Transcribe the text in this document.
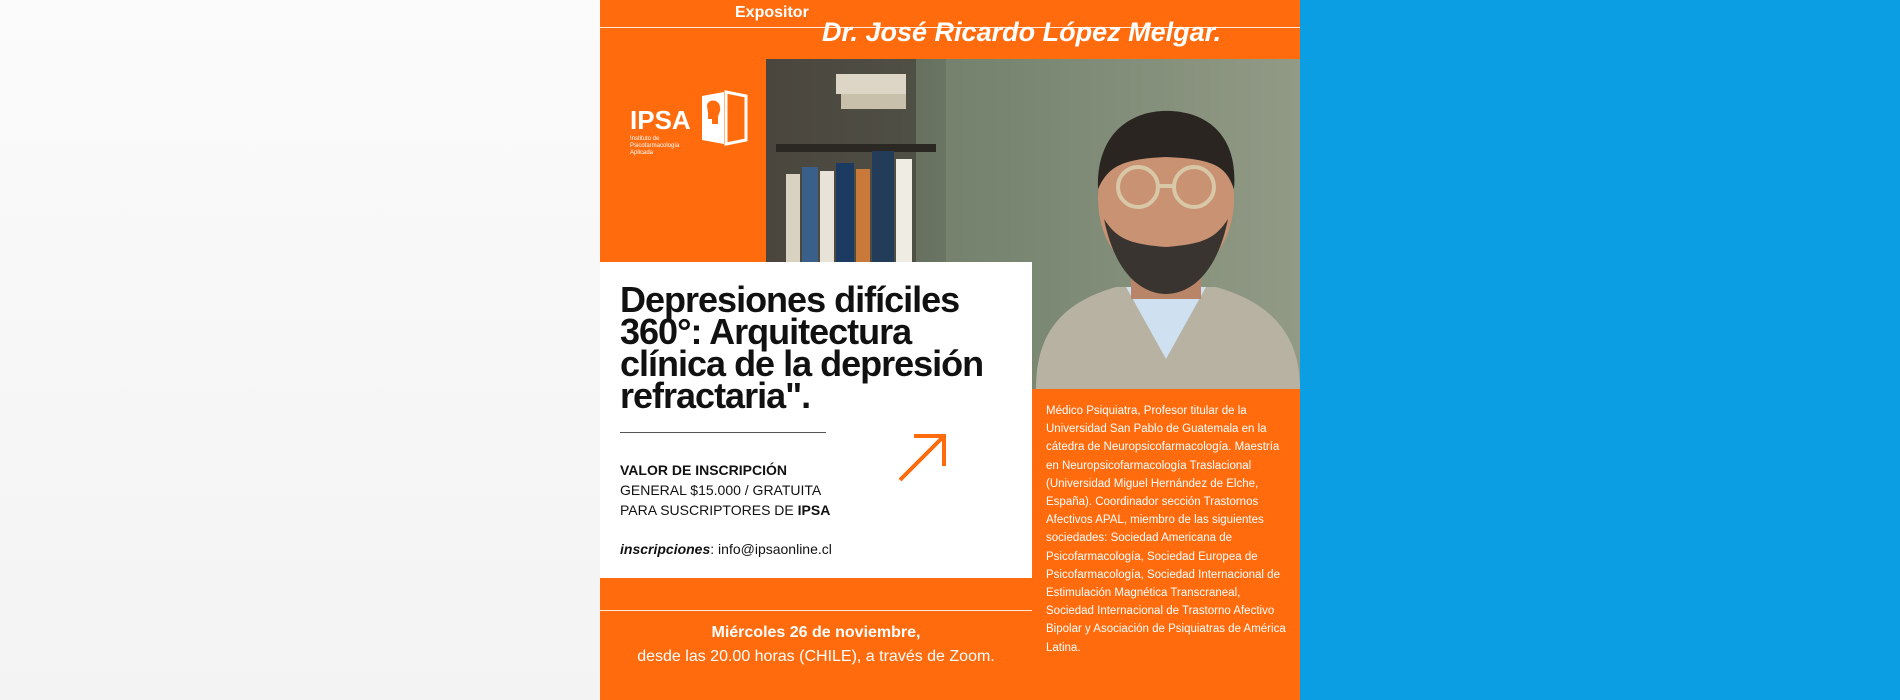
Expositor
Dr. José Ricardo López Melgar.
IPSA
Instituto de Psicofarmacología Aplicada
Depresiones difíciles 360°: Arquitectura clínica de la depresión refractaria".
VALOR DE INSCRIPCIÓN
GENERAL $15.000 / GRATUITA
PARA SUSCRIPTORES DE IPSA
inscripciones: info@ipsaonline.cl
Miércoles 26 de noviembre,
desde las 20.00 horas (CHILE), a través de Zoom.
Médico Psiquiatra, Profesor titular de la Universidad San Pablo de Guatemala en la cátedra de Neuropsicofarmacología. Maestría en Neuropsicofarmacología Traslacional (Universidad Miguel Hernández de Elche, España). Coordinador sección Trastornos Afectivos APAL, miembro de las siguientes sociedades: Sociedad Americana de Psicofarmacología, Sociedad Europea de Psicofarmacología, Sociedad Internacional de Estimulación Magnética Transcraneal, Sociedad Internacional de Trastorno Afectivo Bipolar y Asociación de Psiquiatras de América Latina.
